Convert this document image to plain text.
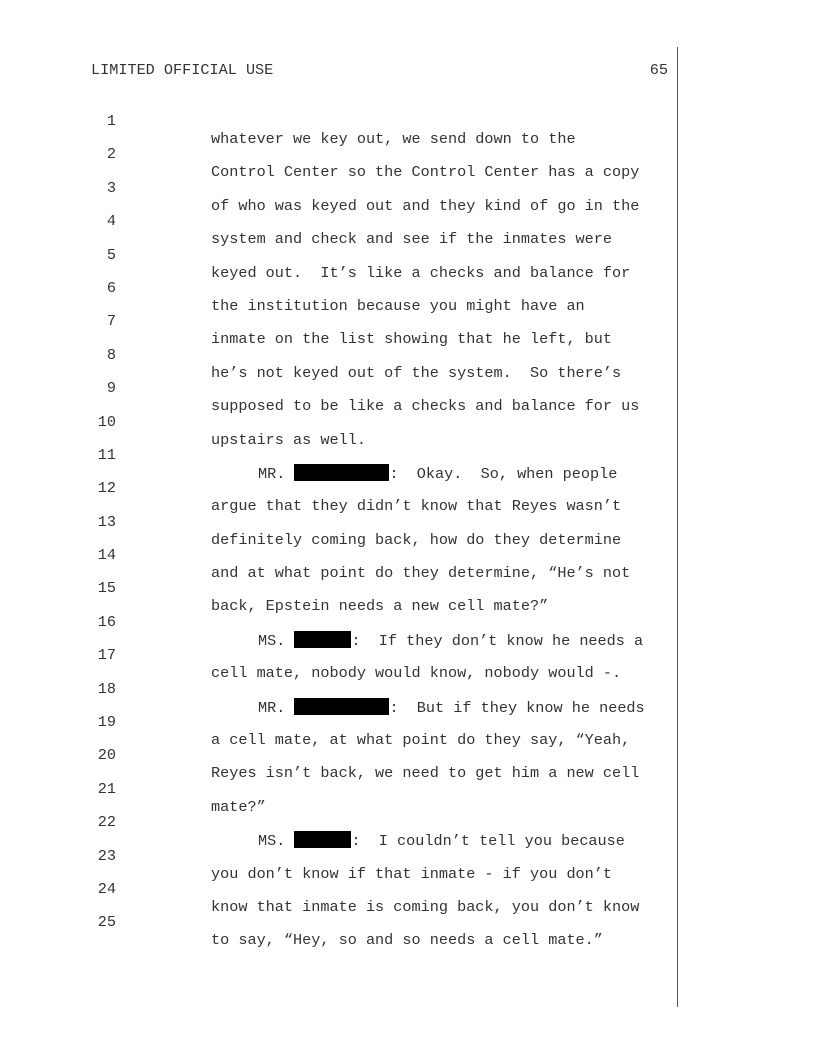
LIMITED OFFICIAL USE	65

1

whatever we key out, we send down to the

2

Control Center so the Control Center has a copy

3

of who was keyed out and they kind of go in the

4

system and check and see if the inmates were

5

keyed out.  It’s like a checks and balance for

6

the institution because you might have an

7

inmate on the list showing that he left, but

8

he’s not keyed out of the system.  So there’s

9

supposed to be like a checks and balance for us

10

upstairs as well.

11

MR.	:  Okay.  So, when people

12

argue that they didn’t know that Reyes wasn’t

13

definitely coming back, how do they determine

14

and at what point do they determine, “He’s not

15

back, Epstein needs a new cell mate?”

16

MS.	:  If they don’t know he needs a

17

cell mate, nobody would know, nobody would -.

18

MR.	:  But if they know he needs

19

a cell mate, at what point do they say, “Yeah,

20

Reyes isn’t back, we need to get him a new cell

21

mate?”

22

MS.	:  I couldn’t tell you because

23

you don’t know if that inmate - if you don’t

24

know that inmate is coming back, you don’t know

25

to say, “Hey, so and so needs a cell mate.”
